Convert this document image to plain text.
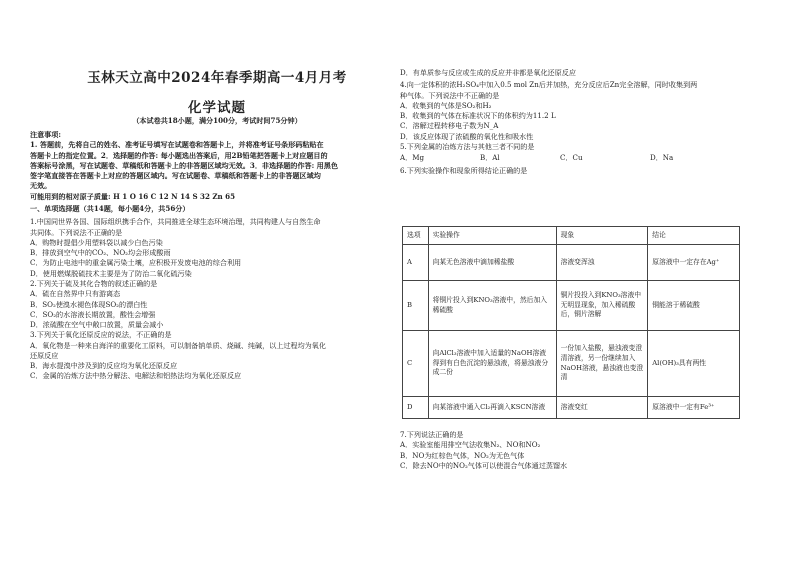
玉林天立高中2024年春季期高一4月月考
化学试题
（本试卷共18小题，满分100分，考试时间75分钟）

注意事项:

1. 答题前，先将自己的姓名、准考证号填写在试题卷和答题卡上，并将准考证号条形码粘贴在

答题卡上的指定位置。2．选择题的作答: 每小题选出答案后，用2B铅笔把答题卡上对应题目的

答案标号涂黑，写在试题卷、草稿纸和答题卡上的非答题区域均无效。3．非选择题的作答: 用黑色

签字笔直接答在答题卡上对应的答题区域内。写在试题卷、草稿纸和答题卡上的非答题区域均

无效。

可能用到的相对原子质量: H 1 O 16 C 12 N 14 S 32 Zn 65

一、单项选择题（共14题，每小题4分，共56分）

1.中国同世界各国、国际组织携手合作，共同推进全球生态环境治理，共同构建人与自然生命

共同体。下列说法不正确的是

A．购物时提倡少用塑料袋以减少白色污染

B．排放到空气中的CO₂、NO₂均会形成酸雨

C．为防止电池中的重金属污染土壤，应积极开发废电池的综合利用

D．使用燃煤脱硫技术主要是为了防治二氧化硫污染

2.下列关于硫及其化合物的叙述正确的是

A．硫在自然界中只有游离态

B．SO₂使溴水褪色体现SO₂的漂白性

C．SO₂的水溶液长期放置，酸性会增强

D．浓硫酸在空气中敞口放置，质量会减小

3.下列关于氧化还原反应的说法，不正确的是

A．氧化物是一种来自海洋的重要化工原料，可以制备钠单质、烧碱、纯碱，以上过程均为氧化

还原反应

B．海水提溴中涉及到的反应均为氧化还原反应

C．金属的冶炼方法中热分解法、电解法和铝热法均为氧化还原反应

D．有单质参与反应或生成的反应并非都是氧化还原反应

4.向一定体积的浓H₂SO₄中加入0.5 mol Zn后并加热，充分反应后Zn完全溶解，同时收集到两

种气体。下列说法中不正确的是

A．收集到的气体是SO₂和H₂

B．收集到的气体在标准状况下的体积约为11.2 L

C．溶解过程转移电子数为N_A

D．该反应体现了浓硫酸的氧化性和吸水性

5.下列金属的冶炼方法与其他三者不同的是

A．Mg	B．Al	C．Cu	D．Na

6.下列实验操作和现象所得结论正确的是

选项	实验操作	现象	结论
A	向某无色溶液中滴加稀盐酸	溶液变浑浊	原溶液中一定存在Ag⁺
B	将铜片投入到KNO₃溶液中，然后加入稀硫酸	铜片投投入到KNO₃溶液中无明显现象，加入稀硫酸后，铜片溶解	铜能溶于稀硫酸
C	向AlCl₃溶液中加入适量的NaOH溶液得到有白色沉淀的悬浊液，将悬浊液分成二份	一份加入盐酸，悬浊液变澄清溶液，另一份继续加入NaOH溶液，悬浊液也变澄清	Al(OH)₃具有两性
D	向某溶液中通入Cl₂再滴入KSCN溶液	溶液变红	原溶液中一定有Fe³⁺

7.下列说法正确的是

A．实验室能用排空气法收集N₂、NO和NO₂

B．NO为红棕色气体，NO₂为无色气体

C．除去NO中的NO₂气体可以使混合气体通过蒸馏水
